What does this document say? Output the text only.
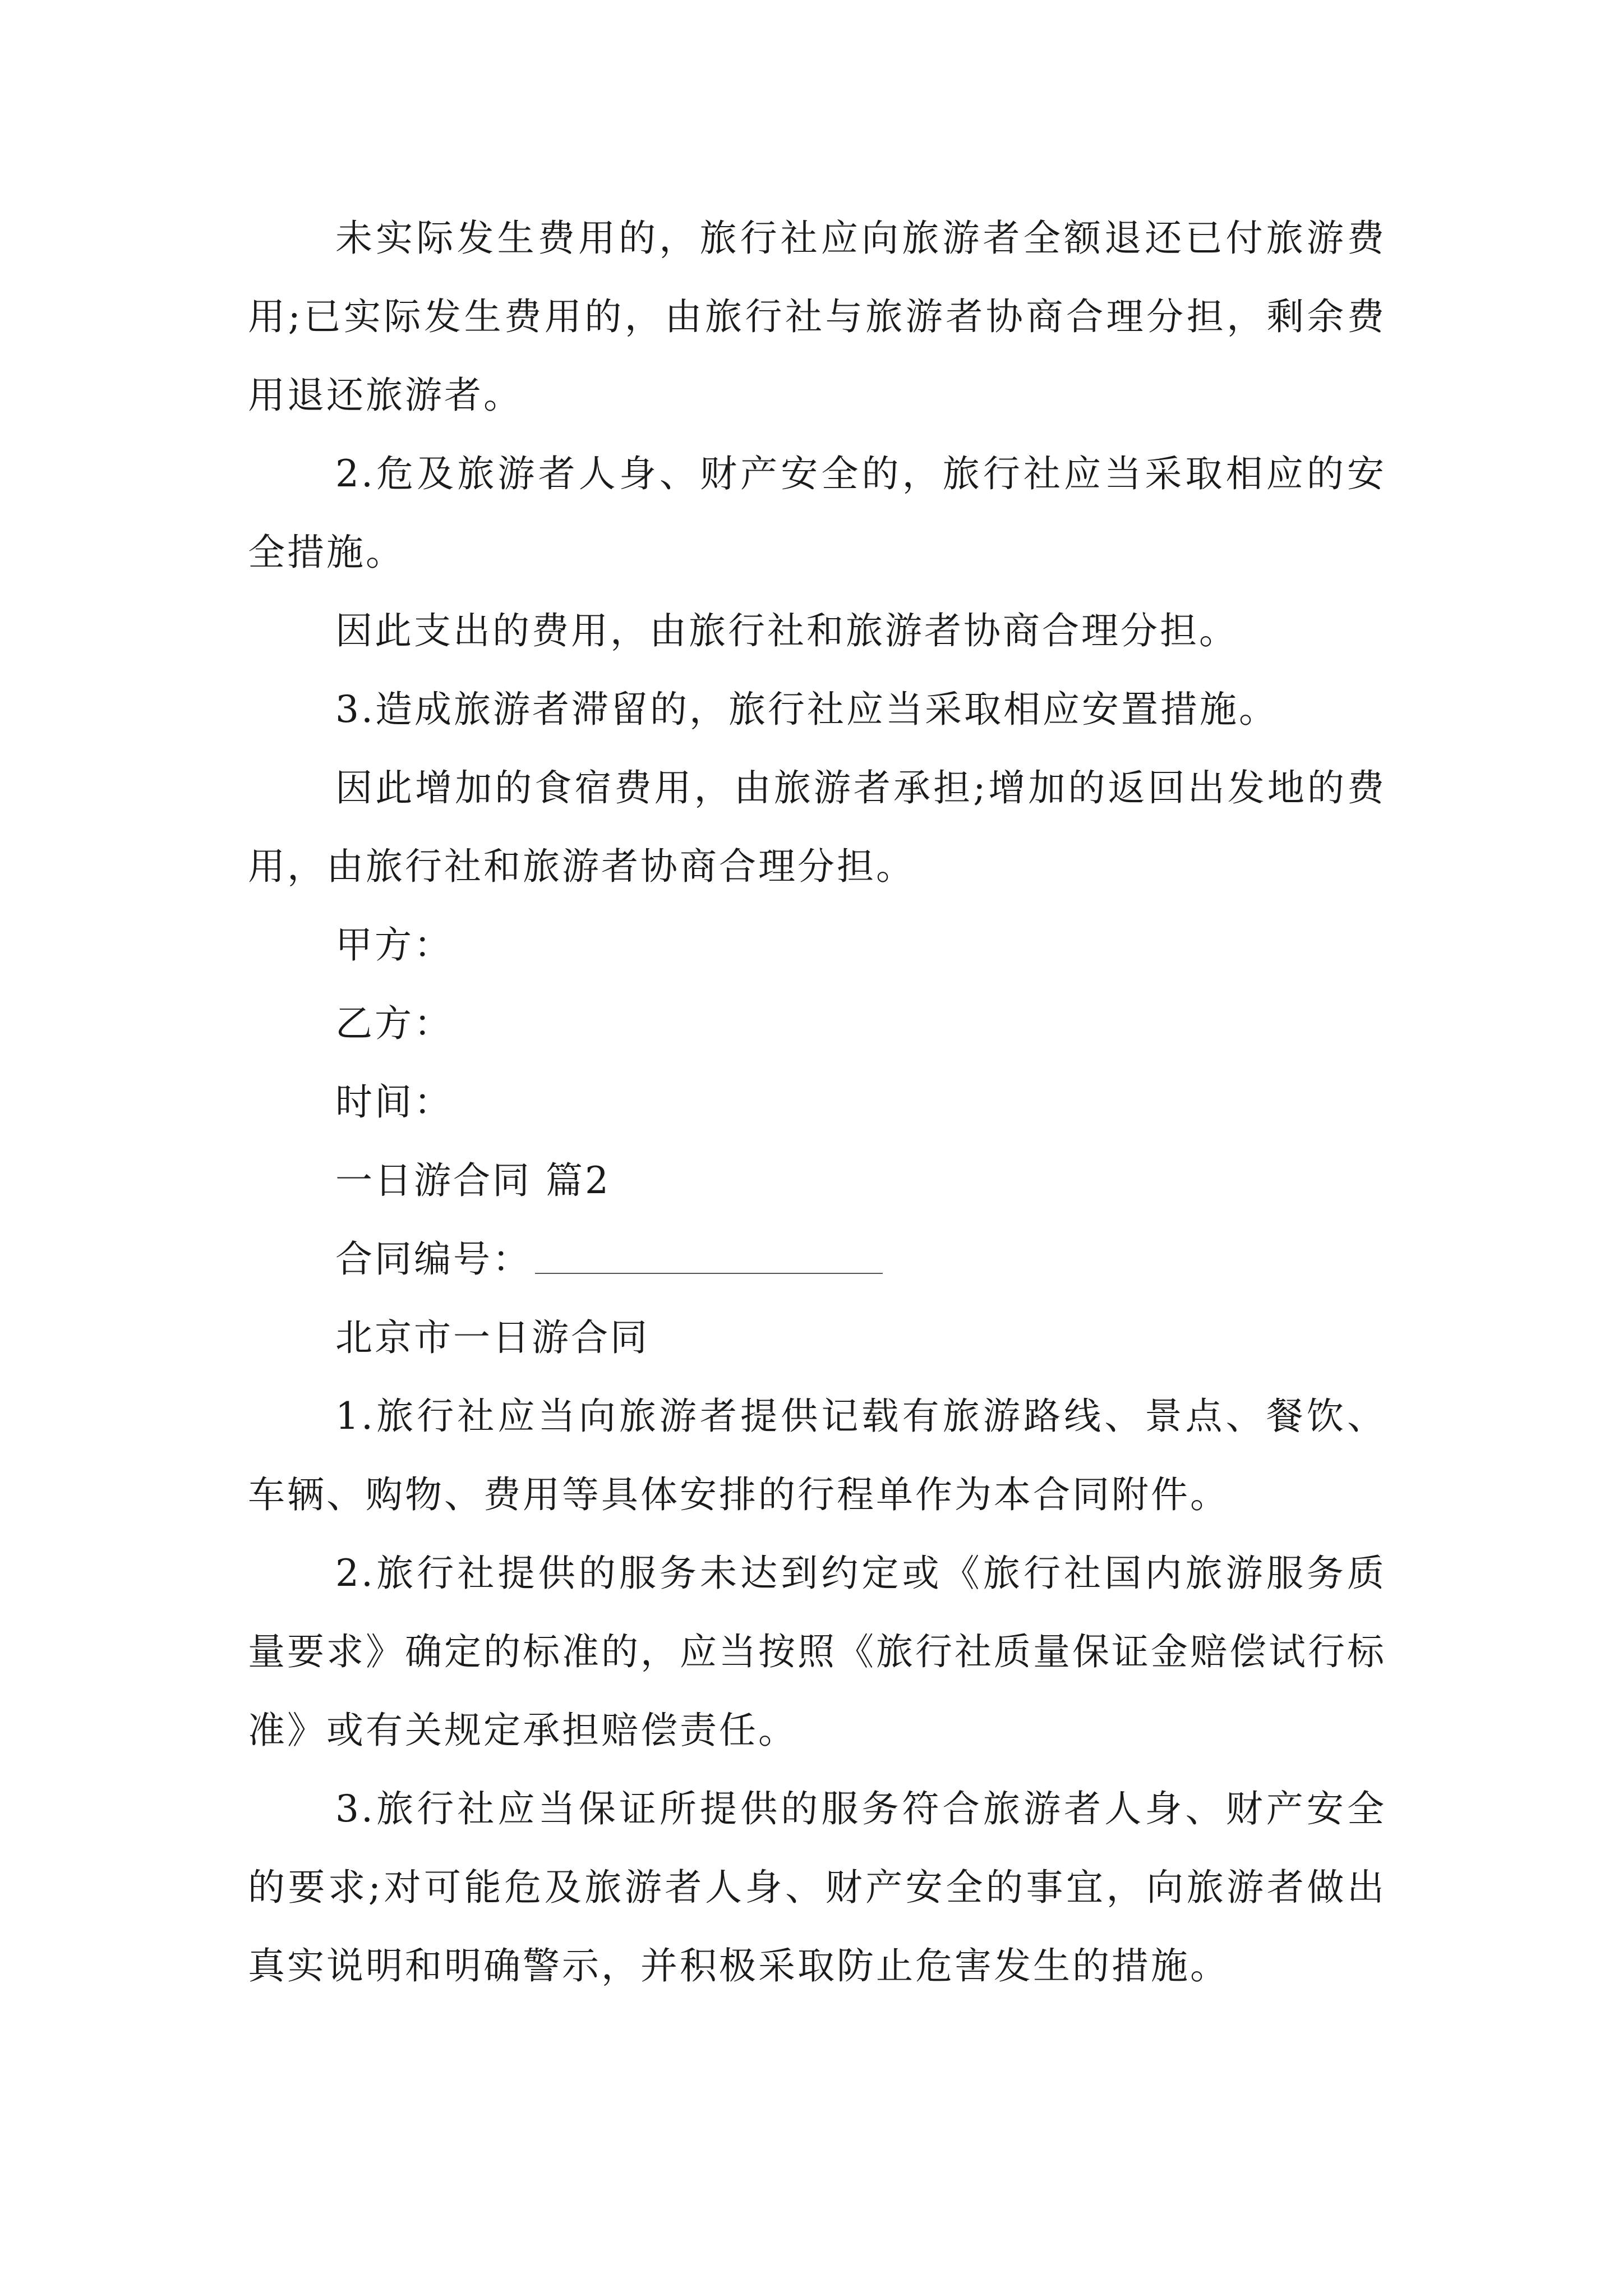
未实际发生费用的，旅行社应向旅游者全额退还已付旅游费用;已实际发生费用的，由旅行社与旅游者协商合理分担，剩余费用退还旅游者。

2.危及旅游者人身、财产安全的，旅行社应当采取相应的安全措施。

因此支出的费用，由旅行社和旅游者协商合理分担。

3.造成旅游者滞留的，旅行社应当采取相应安置措施。

因此增加的食宿费用，由旅游者承担;增加的返回出发地的费用，由旅行社和旅游者协商合理分担。

甲方：

乙方：

时间：

一日游合同 篇2

合同编号：

北京市一日游合同

1.旅行社应当向旅游者提供记载有旅游路线、景点、餐饮、车辆、购物、费用等具体安排的行程单作为本合同附件。

2.旅行社提供的服务未达到约定或《旅行社国内旅游服务质量要求》确定的标准的，应当按照《旅行社质量保证金赔偿试行标准》或有关规定承担赔偿责任。

3.旅行社应当保证所提供的服务符合旅游者人身、财产安全的要求;对可能危及旅游者人身、财产安全的事宜，向旅游者做出真实说明和明确警示，并积极采取防止危害发生的措施。
